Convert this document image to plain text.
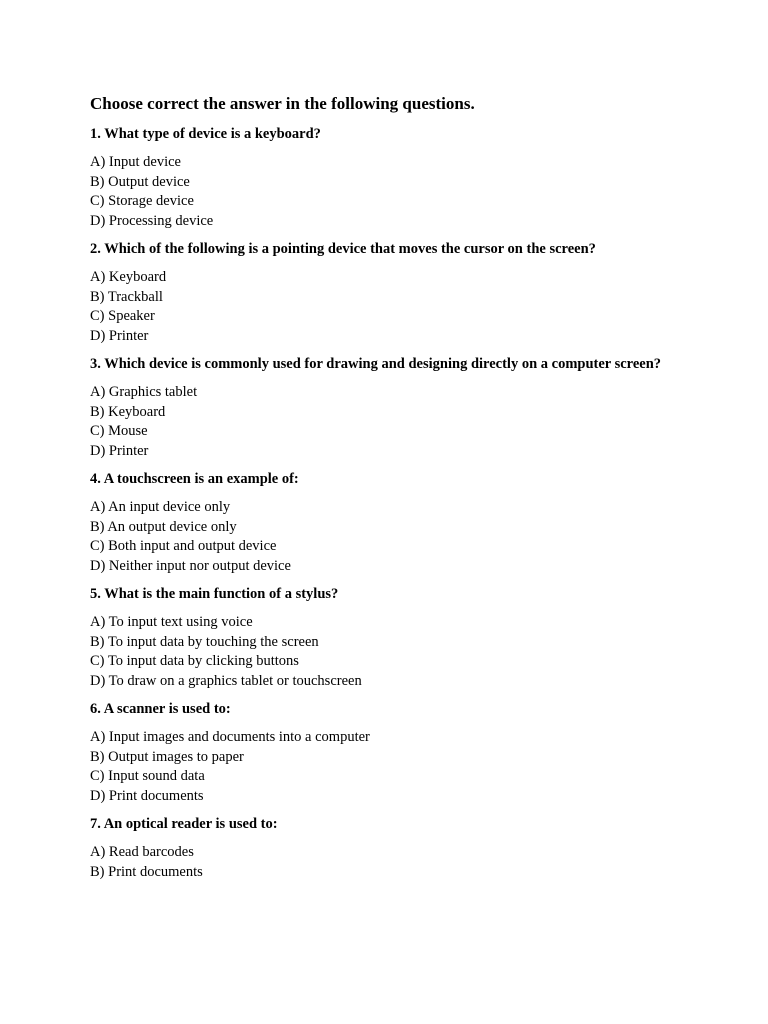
Choose correct the answer in the following questions.

1. What type of device is a keyboard?

A) Input device
B) Output device
C) Storage device
D) Processing device

2. Which of the following is a pointing device that moves the cursor on the screen?

A) Keyboard
B) Trackball
C) Speaker
D) Printer

3. Which device is commonly used for drawing and designing directly on a computer screen?

A) Graphics tablet
B) Keyboard
C) Mouse
D) Printer

4. A touchscreen is an example of:

A) An input device only
B) An output device only
C) Both input and output device
D) Neither input nor output device

5. What is the main function of a stylus?

A) To input text using voice
B) To input data by touching the screen
C) To input data by clicking buttons
D) To draw on a graphics tablet or touchscreen

6. A scanner is used to:

A) Input images and documents into a computer
B) Output images to paper
C) Input sound data
D) Print documents

7. An optical reader is used to:

A) Read barcodes
B) Print documents
